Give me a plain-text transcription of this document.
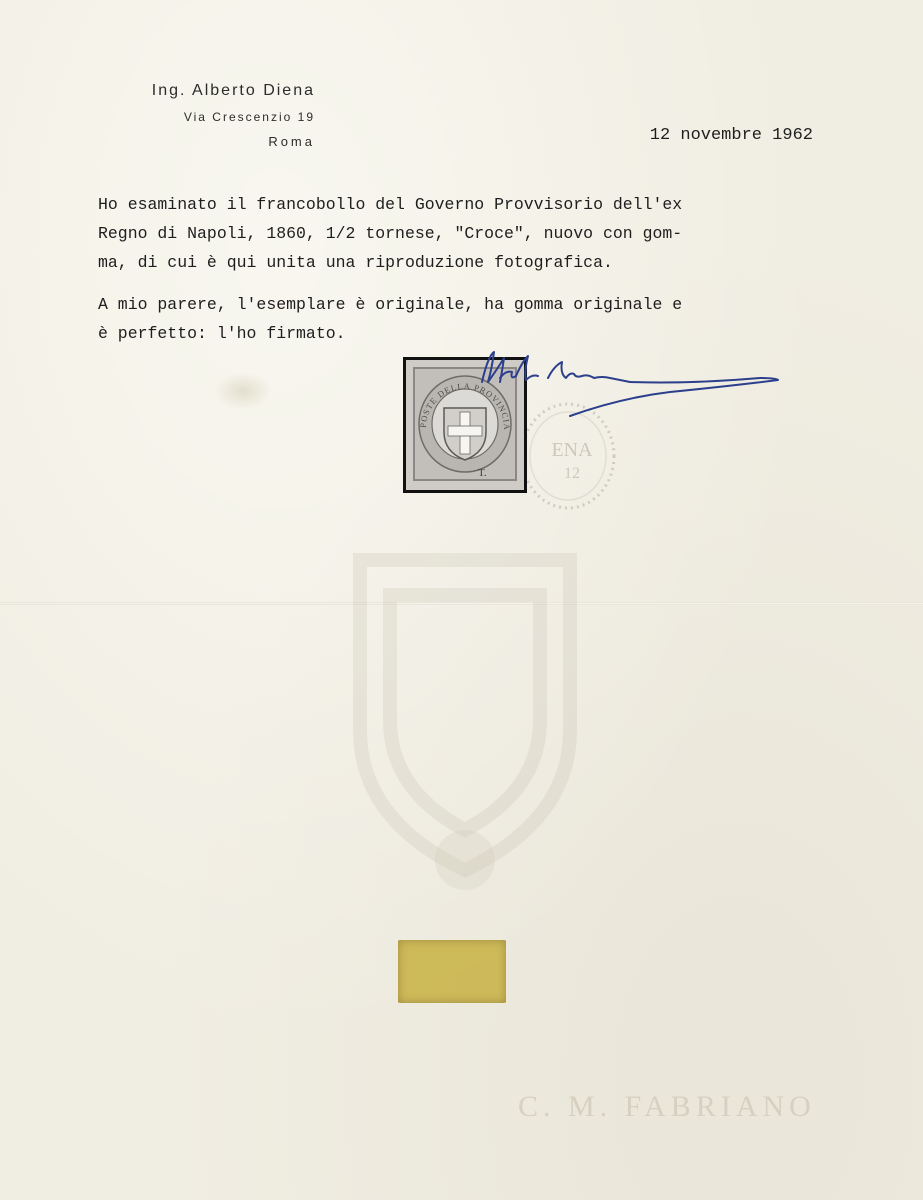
Ing. Alberto Diena
Via Crescenzio 19
Roma	12 novembre 1962

Ho esaminato il francobollo del Governo Provvisorio dell'ex
Regno di Napoli, 1860, 1/2 tornese, "Croce", nuovo con gom-
ma, di cui è qui unita una riproduzione fotografica.

A mio parere, l'esemplare è originale, ha gomma originale e
è perfetto: l'ho firmato.

ENA
12
POSTE DELLA PROVINCIA
T.
C. M. FABRIANO
